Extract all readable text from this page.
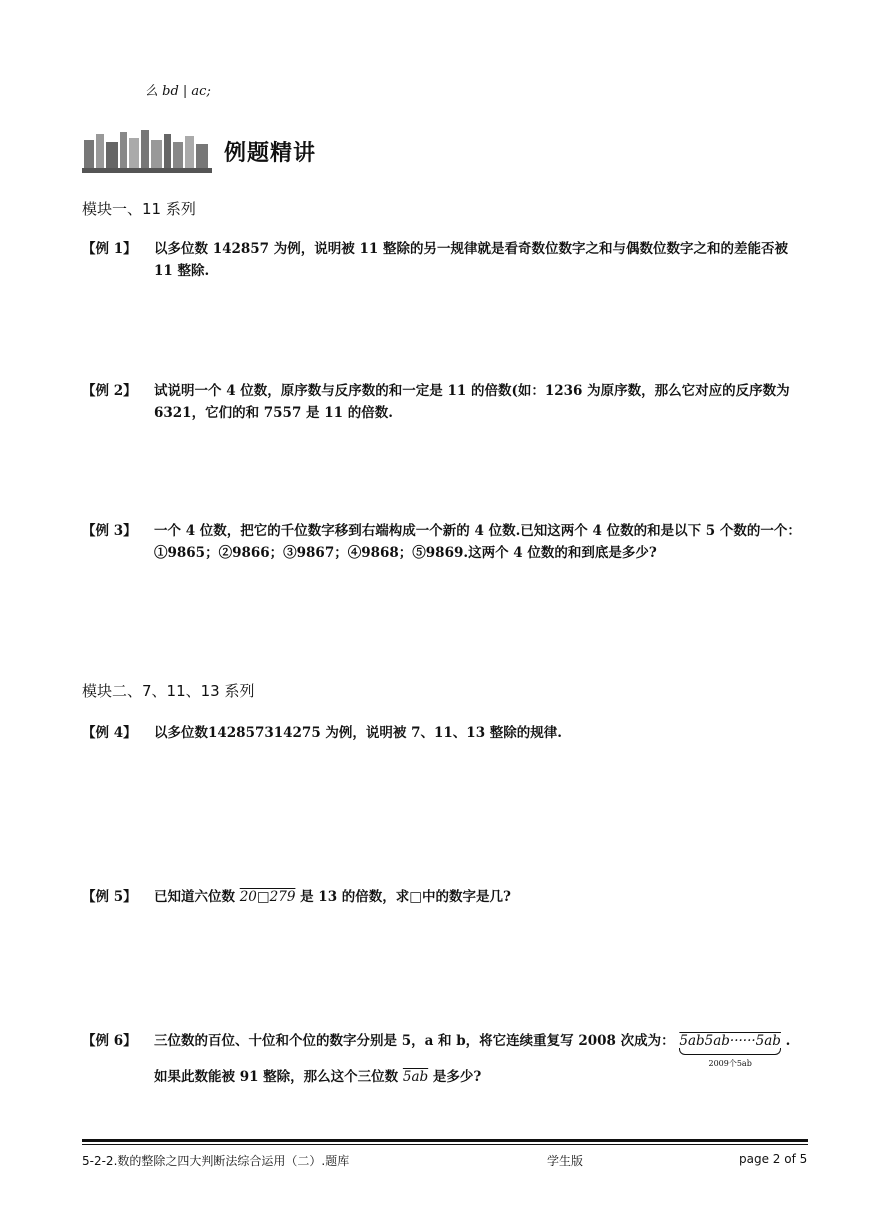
么 bd | ac;
例题精讲
模块一、11 系列
【例 1】 以多位数 142857 为例，说明被 11 整除的另一规律就是看奇数位数字之和与偶数位数字之和的差能否被 11 整除.
【例 2】 试说明一个 4 位数，原序数与反序数的和一定是 11 的倍数(如：1236 为原序数，那么它对应的反序数为 6321，它们的和 7557 是 11 的倍数.
【例 3】 一个 4 位数，把它的千位数字移到右端构成一个新的 4 位数.已知这两个 4 位数的和是以下 5 个数的一个：①9865；②9866；③9867；④9868；⑤9869.这两个 4 位数的和到底是多少?
模块二、7、11、13 系列
【例 4】 以多位数142857314275 为例，说明被 7、11、13 整除的规律.
【例 5】 已知道六位数 20□279 是 13 的倍数，求□中的数字是几?
【例 6】 三位数的百位、十位和个位的数字分别是 5，a 和 b，将它连续重复写 2008 次成为： 5ab5ab······5ab
2009个5ab
.
如果此数能被 91 整除，那么这个三位数 5ab 是多少?
5-2-2.数的整除之四大判断法综合运用（二）.题库	学生版	page 2 of 5
